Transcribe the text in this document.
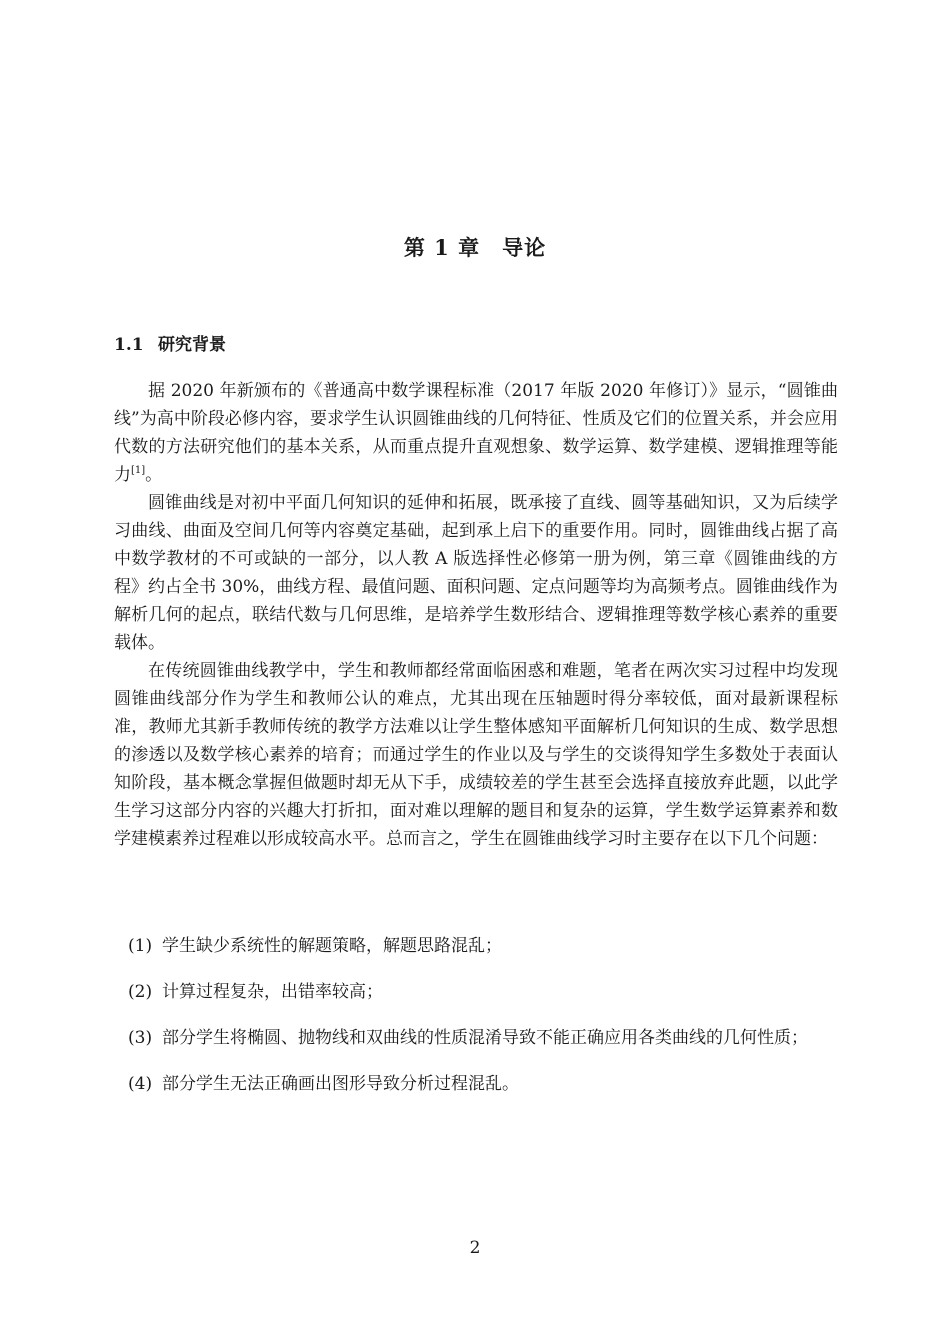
第 1 章 导论
1.1 研究背景

据 2020 年新颁布的《普通高中数学课程标准（2017 年版 2020 年修订）》显示，“圆锥曲线”为高中阶段必修内容，要求学生认识圆锥曲线的几何特征、性质及它们的位置关系，并会应用代数的方法研究他们的基本关系，从而重点提升直观想象、数学运算、数学建模、逻辑推理等能力[1]。

圆锥曲线是对初中平面几何知识的延伸和拓展，既承接了直线、圆等基础知识，又为后续学习曲线、曲面及空间几何等内容奠定基础，起到承上启下的重要作用。同时，圆锥曲线占据了高中数学教材的不可或缺的一部分，以人教 A 版选择性必修第一册为例，第三章《圆锥曲线的方程》约占全书 30%，曲线方程、最值问题、面积问题、定点问题等均为高频考点。圆锥曲线作为解析几何的起点，联结代数与几何思维，是培养学生数形结合、逻辑推理等数学核心素养的重要载体。

在传统圆锥曲线教学中，学生和教师都经常面临困惑和难题，笔者在两次实习过程中均发现圆锥曲线部分作为学生和教师公认的难点，尤其出现在压轴题时得分率较低，面对最新课程标准，教师尤其新手教师传统的教学方法难以让学生整体感知平面解析几何知识的生成、数学思想的渗透以及数学核心素养的培育；而通过学生的作业以及与学生的交谈得知学生多数处于表面认知阶段，基本概念掌握但做题时却无从下手，成绩较差的学生甚至会选择直接放弃此题，以此学生学习这部分内容的兴趣大打折扣，面对难以理解的题目和复杂的运算，学生数学运算素养和数学建模素养过程难以形成较高水平。总而言之，学生在圆锥曲线学习时主要存在以下几个问题：

(1) 学生缺少系统性的解题策略，解题思路混乱；
(2) 计算过程复杂，出错率较高；
(3) 部分学生将椭圆、抛物线和双曲线的性质混淆导致不能正确应用各类曲线的几何性质；
(4) 部分学生无法正确画出图形导致分析过程混乱。
2
